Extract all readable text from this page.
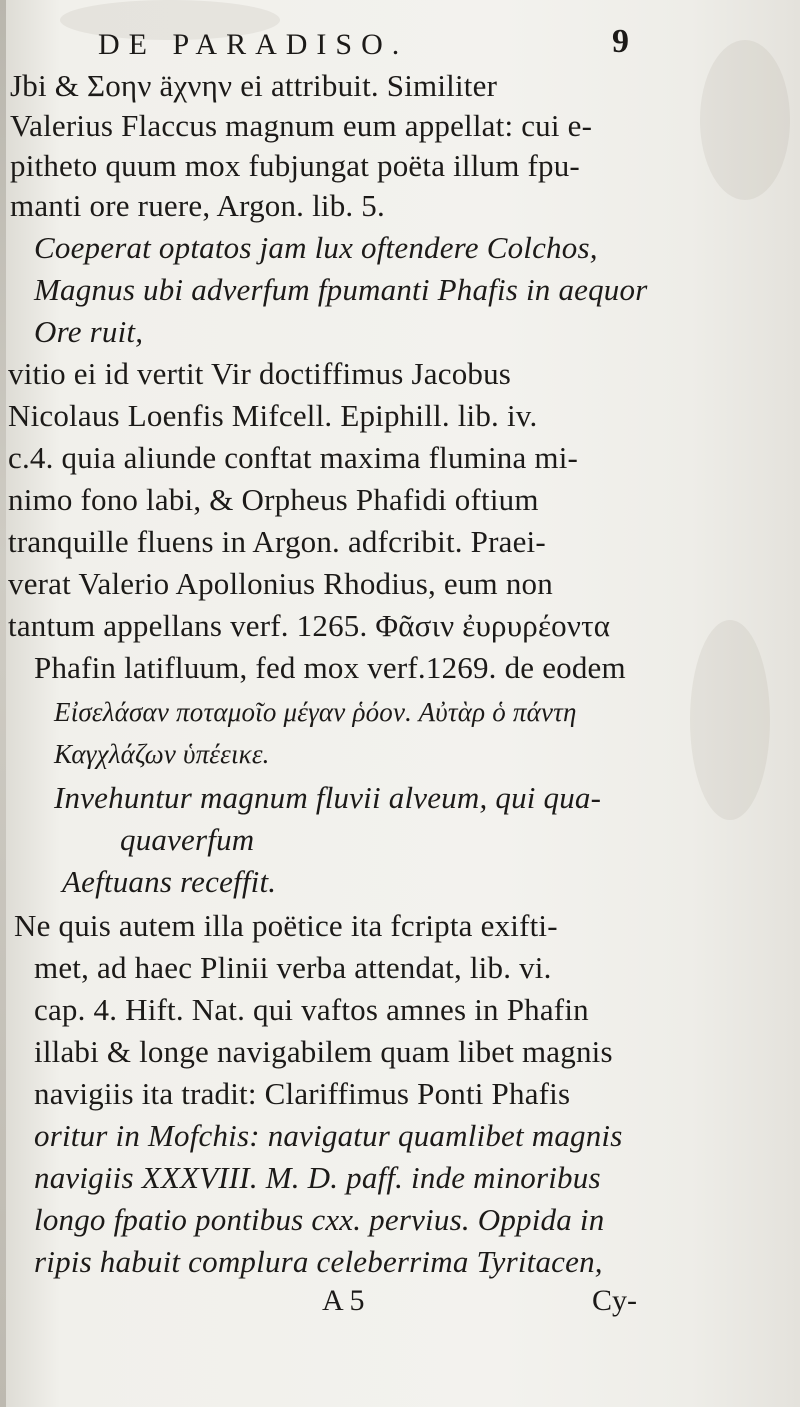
DE PARADISO.	9
Jbi & Σοην äχνην ei attribuit. Similiter
Valerius Flaccus magnum eum appellat: cui e-
pitheto quum mox fubjungat poëta illum fpu-
manti ore ruere, Argon. lib. 5.
Coeperat optatos jam lux oftendere Colchos,
Magnus ubi adverfum fpumanti Phafis in aequor
Ore ruit,
vitio ei id vertit Vir doctiffimus Jacobus
Nicolaus Loenfis Mifcell. Epiphill. lib. iv.
c.4. quia aliunde conftat maxima flumina mi-
nimo fono labi, & Orpheus Phafidi oftium
tranquille fluens in Argon. adfcribit. Praei-
verat Valerio Apollonius Rhodius, eum non
tantum appellans verf. 1265. Φᾶσιν ἐυρυρέοντα
Phafin latifluum, fed mox verf.1269. de eodem
Εἰσελάσαν ποταμοῖο μέγαν ῥόον. Αὐτὰρ ὁ πάντη
Καγχλάζων ὑπέεικε.
Invehuntur magnum fluvii alveum, qui qua-
quaverfum
Aeftuans receffit.
Ne quis autem illa poëtice ita fcripta exifti-
met, ad haec Plinii verba attendat, lib. vi.
cap. 4. Hift. Nat. qui vaftos amnes in Phafin
illabi & longe navigabilem quam libet magnis
navigiis ita tradit: Clariffimus Ponti Phafis
oritur in Mofchis: navigatur quamlibet magnis
navigiis XXXVIII. M. D. paff. inde minoribus
longo fpatio pontibus cxx. pervius. Oppida in
ripis habuit complura celeberrima Tyritacen,
A 5	Cy-
